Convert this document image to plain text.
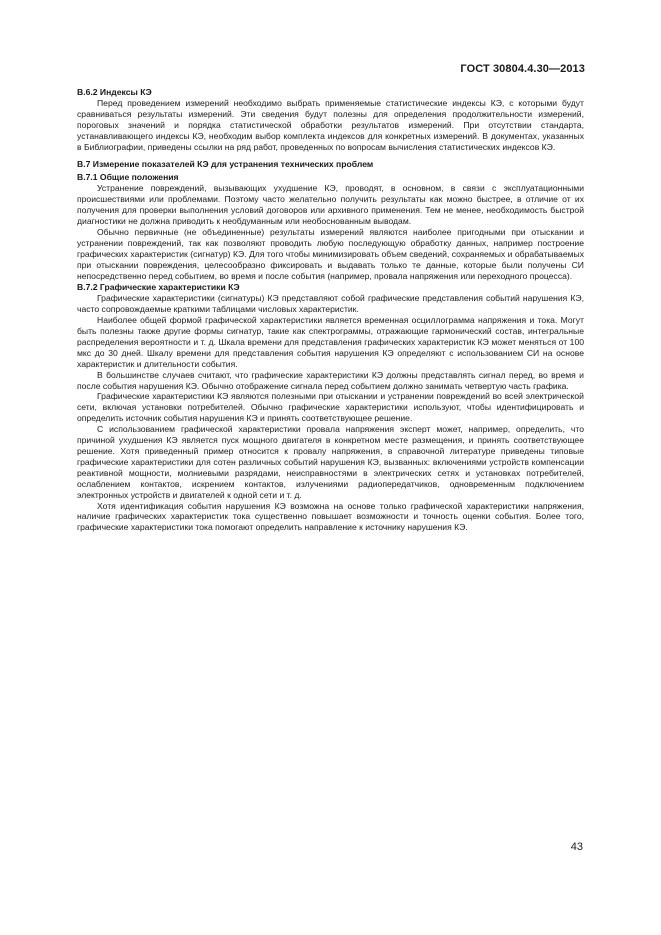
ГОСТ 30804.4.30—2013
B.6.2 Индексы КЭ

Перед проведением измерений необходимо выбрать применяемые статистические индексы КЭ, с которыми будут сравниваться результаты измерений. Эти сведения будут полезны для определения продолжительности измерений, пороговых значений и порядка статистической обработки результатов измерений. При отсутствии стандарта, устанавливающего индексы КЭ, необходим выбор комплекта индексов для конкретных измерений. В документах, указанных в Библиографии, приведены ссылки на ряд работ, проведенных по вопросам вычисления статистических индексов КЭ.

B.7 Измерение показателей КЭ для устранения технических проблем
B.7.1 Общие положения

Устранение повреждений, вызывающих ухудшение КЭ, проводят, в основном, в связи с эксплуатационными происшествиями или проблемами. Поэтому часто желательно получить результаты как можно быстрее, в отличие от их получения для проверки выполнения условий договоров или архивного применения. Тем не менее, необходимость быстрой диагностики не должна приводить к необдуманным или необоснованным выводам.

Обычно первичные (не объединенные) результаты измерений являются наиболее пригодными при отыскании и устранении повреждений, так как позволяют проводить любую последующую обработку данных, например построение графических характеристик (сигнатур) КЭ. Для того чтобы минимизировать объем сведений, сохраняемых и обрабатываемых при отыскании повреждения, целесообразно фиксировать и выдавать только те данные, которые были получены СИ непосредственно перед событием, во время и после события (например, провала напряжения или переходного процесса).

B.7.2 Графические характеристики КЭ

Графические характеристики (сигнатуры) КЭ представляют собой графические представления событий нарушения КЭ, часто сопровождаемые краткими таблицами числовых характеристик.

Наиболее общей формой графической характеристики является временная осциллограмма напряжения и тока. Могут быть полезны также другие формы сигнатур, такие как спектрограммы, отражающие гармонический состав, интегральные распределения вероятности и т. д. Шкала времени для представления графических характеристик КЭ может меняться от 100 мкс до 30 дней. Шкалу времени для представления события нарушения КЭ определяют с использованием СИ на основе характеристик и длительности события.

В большинстве случаев считают, что графические характеристики КЭ должны представлять сигнал перед, во время и после события нарушения КЭ. Обычно отображение сигнала перед событием должно занимать четвертую часть графика.

Графические характеристики КЭ являются полезными при отыскании и устранении повреждений во всей электрической сети, включая установки потребителей. Обычно графические характеристики используют, чтобы идентифицировать и определить источник события нарушения КЭ и принять соответствующее решение.

С использованием графической характеристики провала напряжения эксперт может, например, определить, что причиной ухудшения КЭ является пуск мощного двигателя в конкретном месте размещения, и принять соответствующее решение. Хотя приведенный пример относится к провалу напряжения, в справочной литературе приведены типовые графические характеристики для сотен различных событий нарушения КЭ, вызванных: включениями устройств компенсации реактивной мощности, молниевыми разрядами, неисправностями в электрических сетях и установках потребителей, ослаблением контактов, искрением контактов, излучениями радиопередатчиков, одновременным подключением электронных устройств и двигателей к одной сети и т. д.

Хотя идентификация события нарушения КЭ возможна на основе только графической характеристики напряжения, наличие графических характеристик тока существенно повышает возможности и точность оценки события. Более того, графические характеристики тока помогают определить направление к источнику нарушения КЭ.

43
